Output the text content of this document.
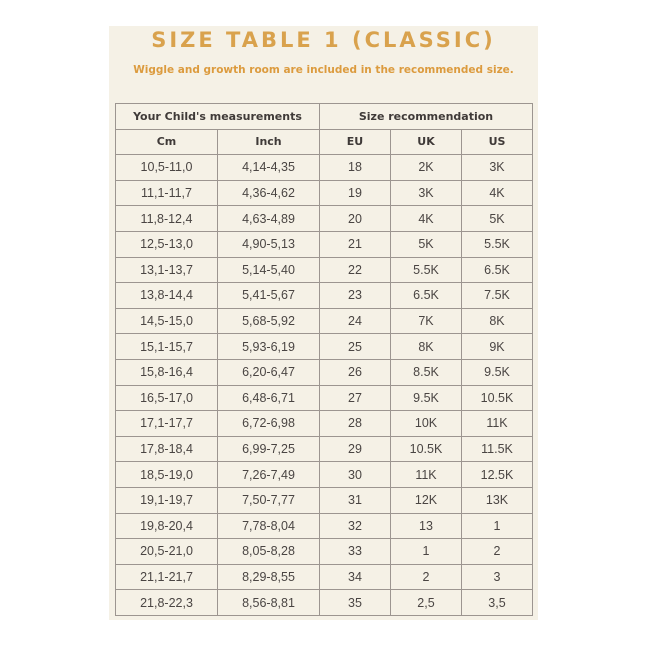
SIZE TABLE 1 (CLASSIC)
Wiggle and growth room are included in the recommended size.
Your Child's measurements		Size recommendation		
Cm	Inch	EU	UK	US
10,5-11,0	4,14-4,35	18	2K	3K
11,1-11,7	4,36-4,62	19	3K	4K
11,8-12,4	4,63-4,89	20	4K	5K
12,5-13,0	4,90-5,13	21	5K	5.5K
13,1-13,7	5,14-5,40	22	5.5K	6.5K
13,8-14,4	5,41-5,67	23	6.5K	7.5K
14,5-15,0	5,68-5,92	24	7K	8K
15,1-15,7	5,93-6,19	25	8K	9K
15,8-16,4	6,20-6,47	26	8.5K	9.5K
16,5-17,0	6,48-6,71	27	9.5K	10.5K
17,1-17,7	6,72-6,98	28	10K	11K
17,8-18,4	6,99-7,25	29	10.5K	11.5K
18,5-19,0	7,26-7,49	30	11K	12.5K
19,1-19,7	7,50-7,77	31	12K	13K
19,8-20,4	7,78-8,04	32	13	1
20,5-21,0	8,05-8,28	33	1	2
21,1-21,7	8,29-8,55	34	2	3
21,8-22,3	8,56-8,81	35	2,5	3,5
